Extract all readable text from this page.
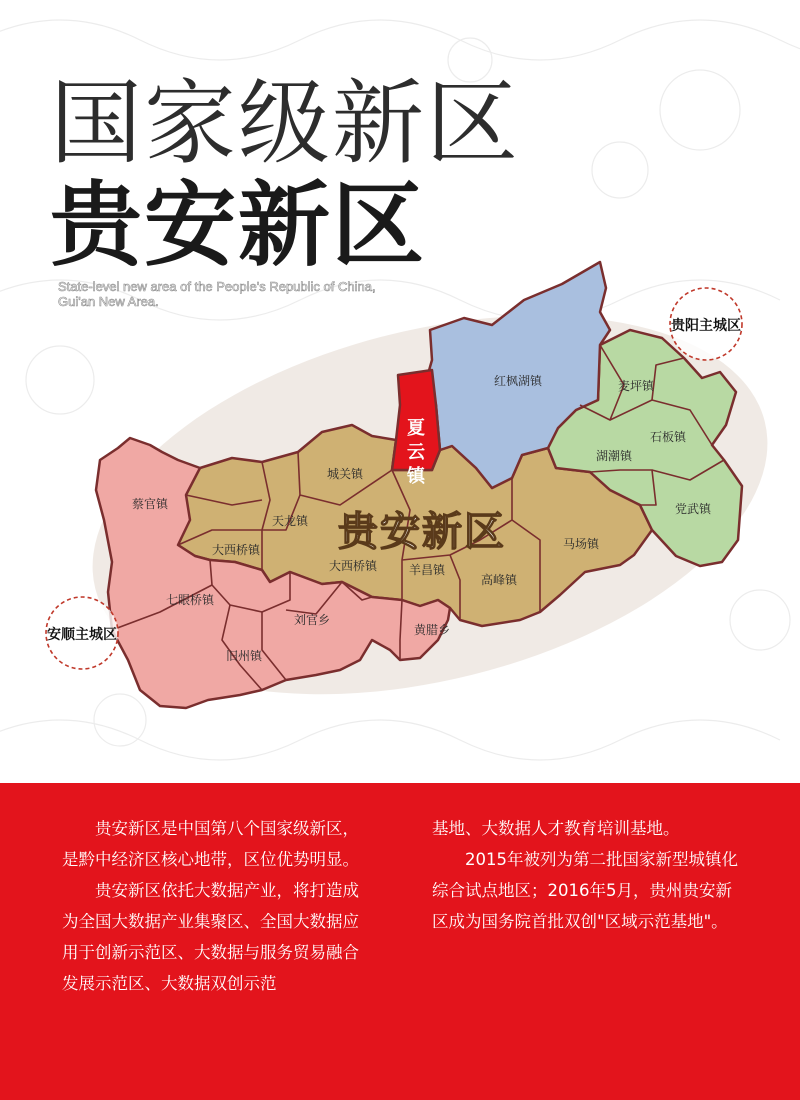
国家级新区
贵安新区
State-level new area of the People's Republic of China,
Gui'an New Area.
红枫湖镇	麦坪镇
湖潮镇
石板镇
党武镇
马场镇
高峰镇
羊昌镇
黄腊乡
城关镇
天龙镇
大西桥镇
大西桥镇
蔡官镇
七眼桥镇
刘官乡
旧州镇
夏
云
镇
贵安新区
贵阳主城区
安顺主城区

贵安新区是中国第八个国家级新区，是黔中经济区核心地带，区位优势明显。

贵安新区依托大数据产业，将打造成为全国大数据产业集聚区、全国大数据应用于创新示范区、大数据与服务贸易融合发展示范区、大数据双创示范

基地、大数据人才教育培训基地。

2015年被列为第二批国家新型城镇化综合试点地区；2016年5月，贵州贵安新区成为国务院首批双创"区域示范基地"。
